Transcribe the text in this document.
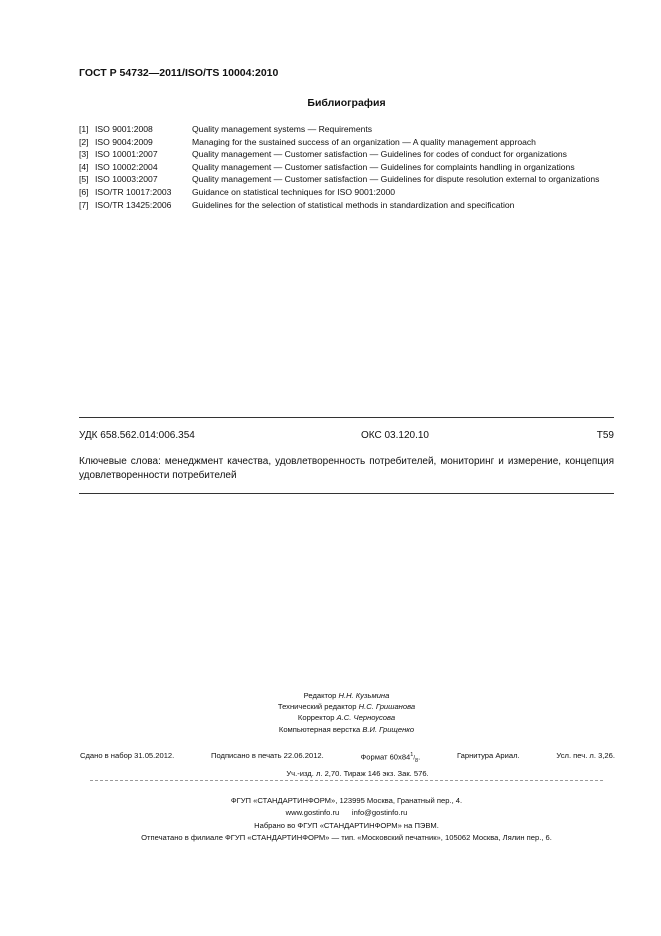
ГОСТ Р 54732—2011/ISO/TS 10004:2010
Библиография
[1] ISO 9001:2008	Quality management systems — Requirements
[2] ISO 9004:2009	Managing for the sustained success of an organization — A quality management approach
[3] ISO 10001:2007	Quality management — Customer satisfaction — Guidelines for codes of conduct for organizations
[4] ISO 10002:2004	Quality management — Customer satisfaction — Guidelines for complaints handling in organizations
[5] ISO 10003:2007	Quality management — Customer satisfaction — Guidelines for dispute resolution external to organizations
[6] ISO/TR 10017:2003	Guidance on statistical techniques for ISO 9001:2000
[7] ISO/TR 13425:2006	Guidelines for the selection of statistical methods in standardization and specification
УДК 658.562.014:006.354	ОКС 03.120.10	Т59
Ключевые слова: менеджмент качества, удовлетворенность потребителей, мониторинг и измерение, концепция удовлетворенности потребителей
Редактор Н.Н. Кузьмина
Технический редактор Н.С. Гришанова
Корректор А.С. Черноусова
Компьютерная верстка В.И. Грищенко
Сдано в набор 31.05.2012.	Подписано в печать 22.06.2012.	Формат $60x84^1/_8$.	Гарнитура Ариал.	Усл. печ. л. 3,26.
Уч.-изд. л. 2,70. Тираж 146 экз. Зак. 576.
ФГУП «СТАНДАРТИНФОРМ», 123995 Москва, Гранатный пер., 4.
www.gostinfo.ru info@gostinfo.ru
Набрано во ФГУП «СТАНДАРТИНФОРМ» на ПЭВМ.
Отпечатано в филиале ФГУП «СТАНДАРТИНФОРМ» — тип. «Московский печатник», 105062 Москва, Лялин пер., 6.
